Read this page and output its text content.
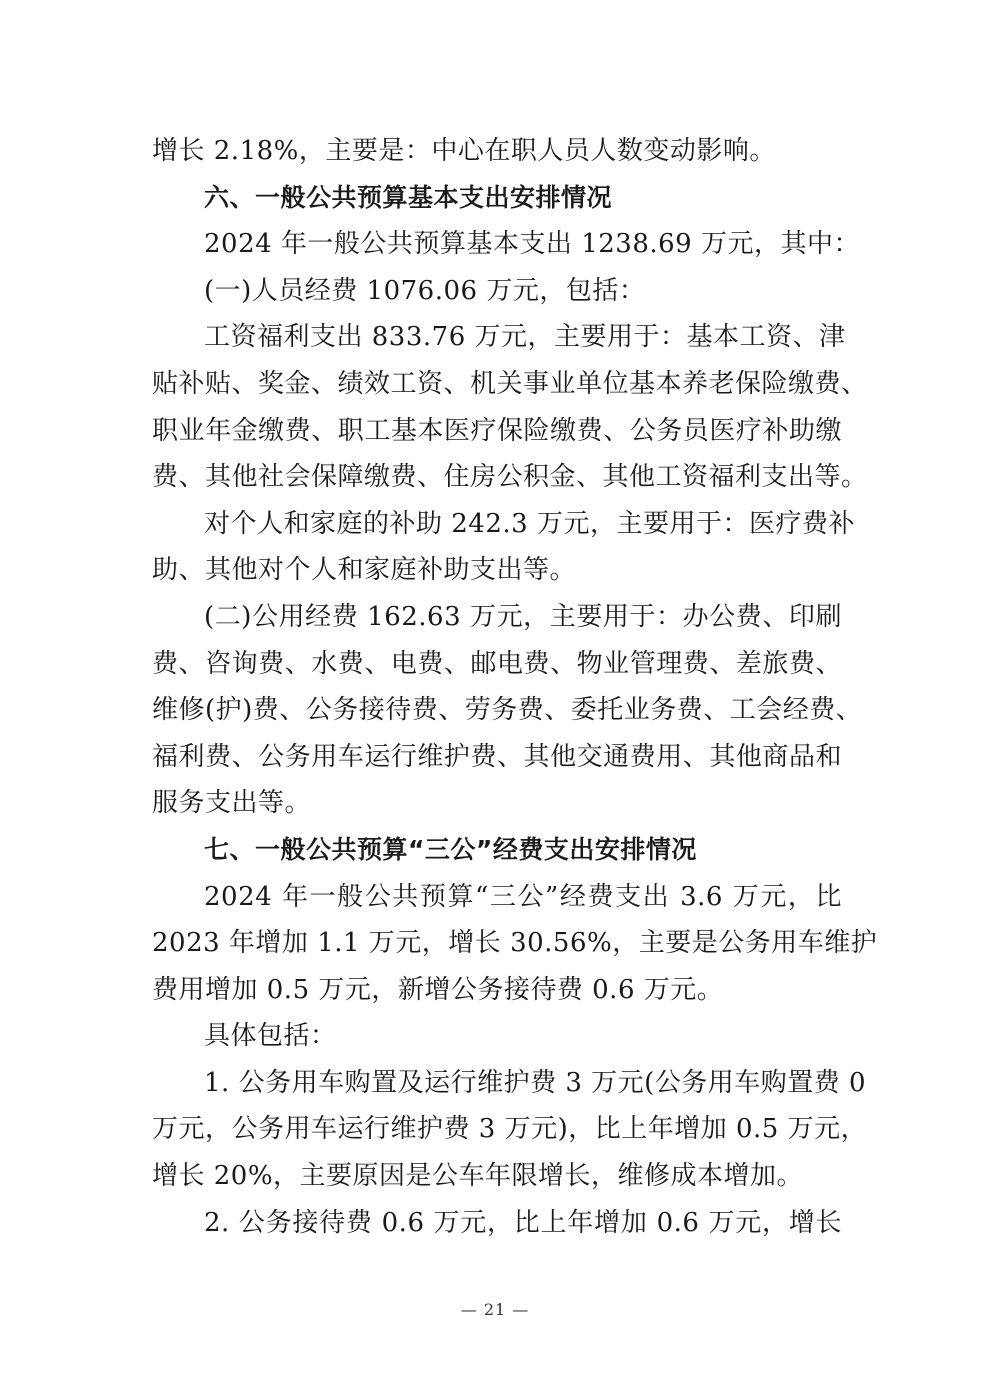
增长 2.18%，主要是：中心在职人员人数变动影响。
六、一般公共预算基本支出安排情况
2024 年一般公共预算基本支出 1238.69 万元，其中：
(一)人员经费 1076.06 万元，包括：
工资福利支出 833.76 万元，主要用于：基本工资、津
贴补贴、奖金、绩效工资、机关事业单位基本养老保险缴费、
职业年金缴费、职工基本医疗保险缴费、公务员医疗补助缴
费、其他社会保障缴费、住房公积金、其他工资福利支出等。
对个人和家庭的补助 242.3 万元，主要用于：医疗费补
助、其他对个人和家庭补助支出等。
(二)公用经费 162.63 万元，主要用于：办公费、印刷
费、咨询费、水费、电费、邮电费、物业管理费、差旅费、
维修(护)费、公务接待费、劳务费、委托业务费、工会经费、
福利费、公务用车运行维护费、其他交通费用、其他商品和
服务支出等。
七、一般公共预算“三公”经费支出安排情况
2024 年一般公共预算“三公”经费支出 3.6 万元，比
2023 年增加 1.1 万元，增长 30.56%，主要是公务用车维护
费用增加 0.5 万元，新增公务接待费 0.6 万元。
具体包括：
1. 公务用车购置及运行维护费 3 万元(公务用车购置费 0
万元，公务用车运行维护费 3 万元)，比上年增加 0.5 万元，
增长 20%，主要原因是公车年限增长，维修成本增加。
2. 公务接待费 0.6 万元，比上年增加 0.6 万元，增长
— 21 —
